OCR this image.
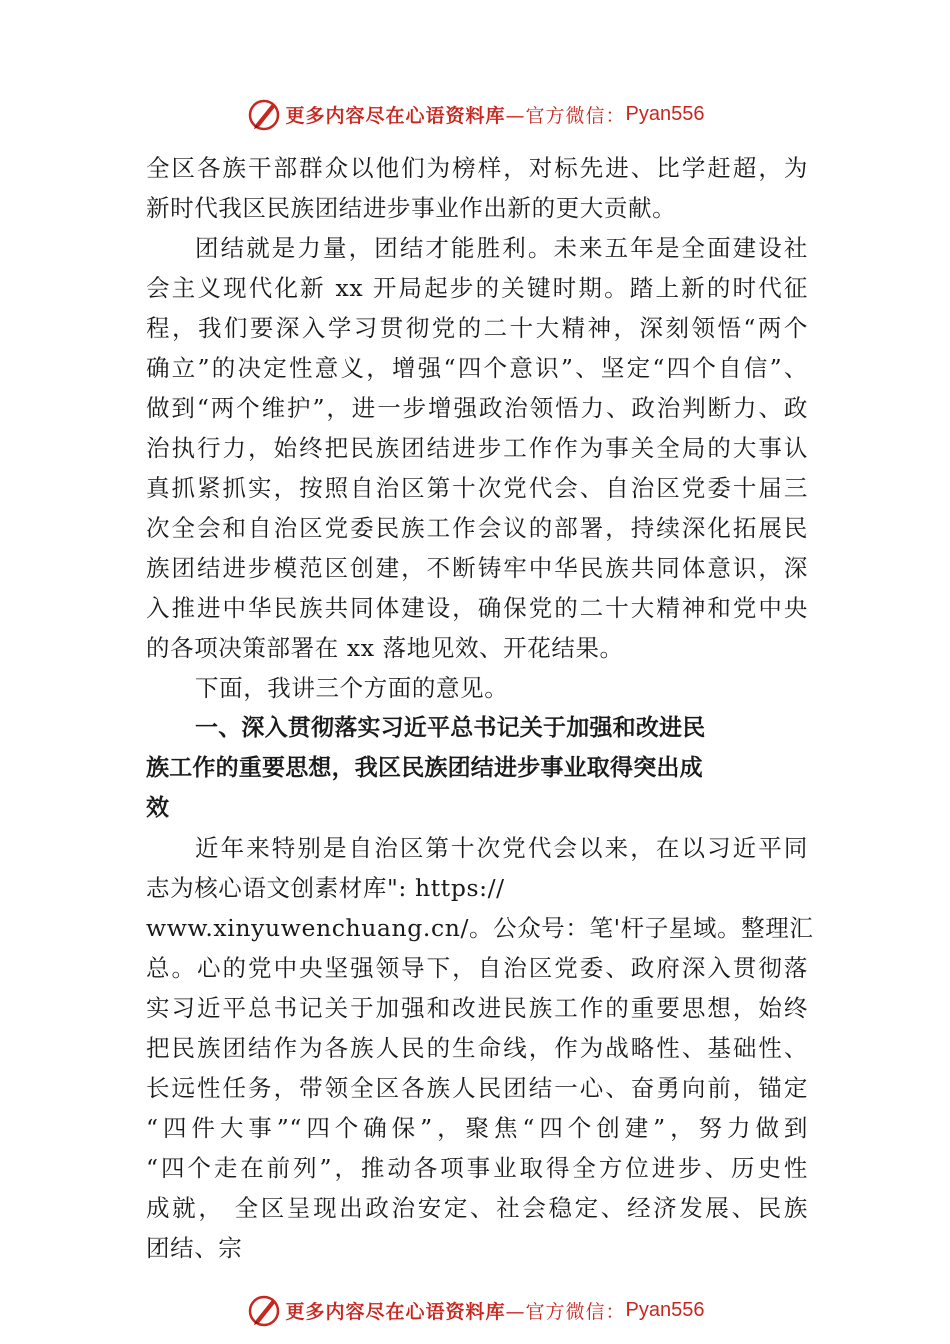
更多内容尽在心语资料库 —官方微信： Pyan556
全区各族干部群众以他们为榜样，对标先进、比学赶超，为
新时代我区民族团结进步事业作出新的更大贡献。
团结就是力量，团结才能胜利。未来五年是全面建设社
会主义现代化新 xx 开局起步的关键时期。踏上新的时代征
程，我们要深入学习贯彻党的二十大精神，深刻领悟“两个
确立”的决定性意义，增强“四个意识”、坚定“四个自信”、
做到“两个维护”，进一步增强政治领悟力、政治判断力、政
治执行力，始终把民族团结进步工作作为事关全局的大事认
真抓紧抓实，按照自治区第十次党代会、自治区党委十届三
次全会和自治区党委民族工作会议的部署，持续深化拓展民
族团结进步模范区创建，不断铸牢中华民族共同体意识，深
入推进中华民族共同体建设，确保党的二十大精神和党中央
的各项决策部署在 xx 落地见效、开花结果。
下面，我讲三个方面的意见。
一、深入贯彻落实习近平总书记关于加强和改进民
族工作的重要思想，我区民族团结进步事业取得突出成
效
近年来特别是自治区第十次党代会以来，在以习近平同
志为核心语文创素材库": https://
www.xinyuwenchuang.cn/。公众号：笔'杆子星域。整理汇
总。心的党中央坚强领导下，自治区党委、政府深入贯彻落
实习近平总书记关于加强和改进民族工作的重要思想，始终
把民族团结作为各族人民的生命线，作为战略性、基础性、
长远性任务，带领全区各族人民团结一心、奋勇向前，锚定
“四件大事”“四个确保”，聚焦“四个创建”，努力做到
“四个走在前列”，推动各项事业取得全方位进步、历史性
成就， 全区呈现出政治安定、社会稳定、经济发展、民族
团结、宗
更多内容尽在心语资料库 —官方微信： Pyan556
